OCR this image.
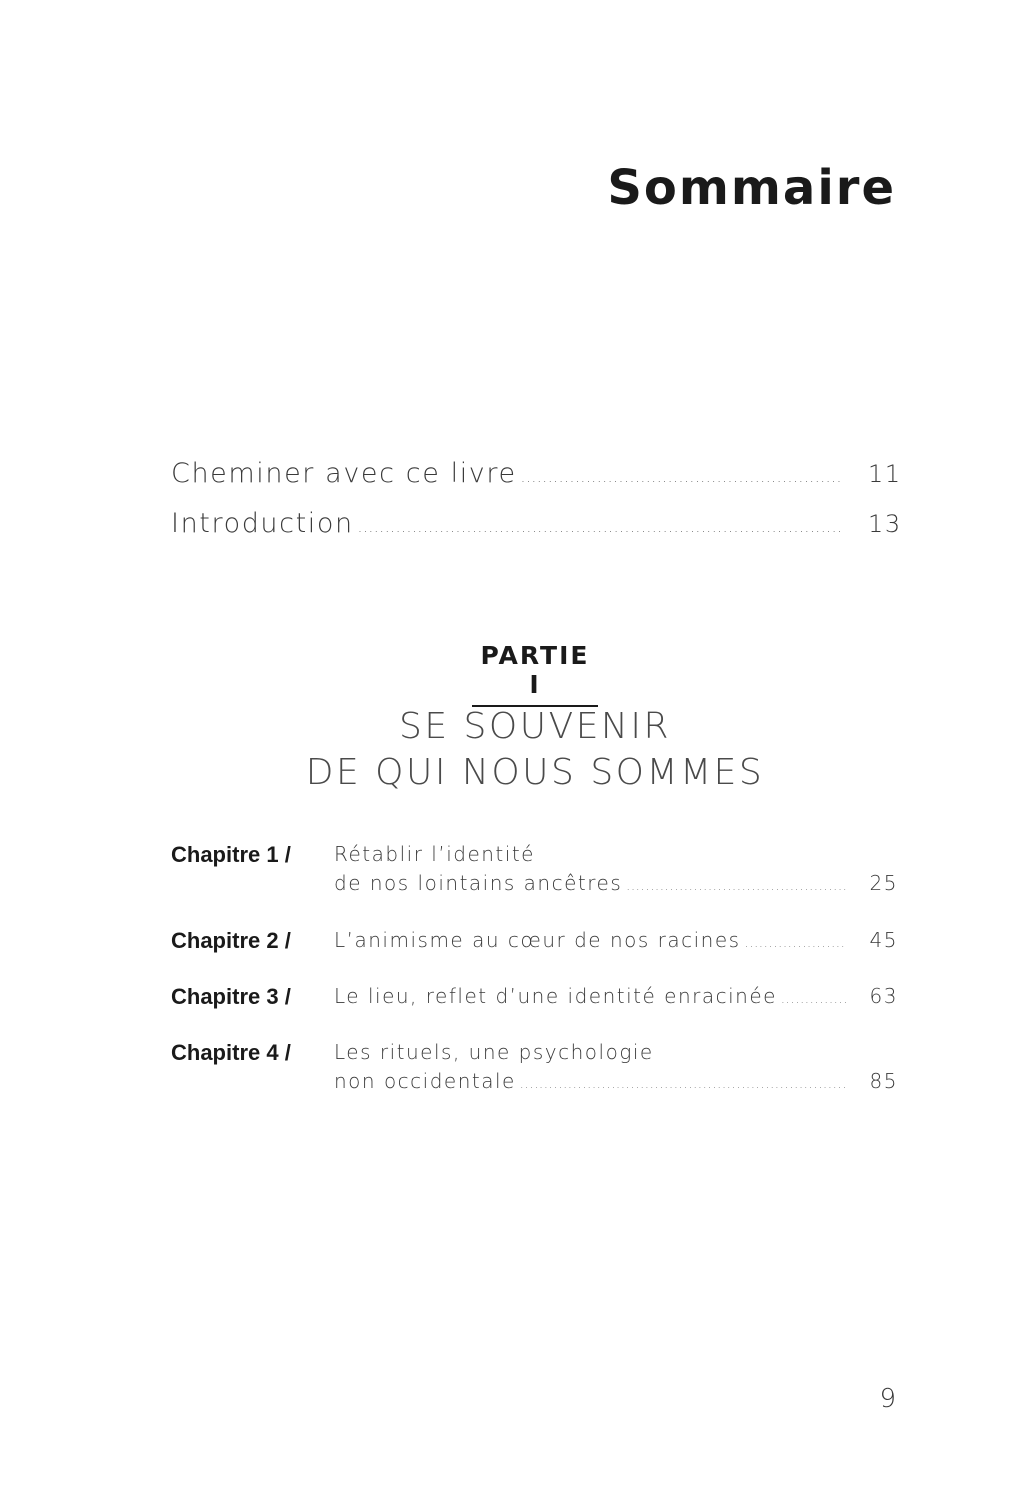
Sommaire
Cheminer avec ce livre .....	11
Introduction .....	13
PARTIE I
SE SOUVENIR
DE QUI NOUS SOMMES
Chapitre 1 / Rétablir l’identité
de nos lointains ancêtres .....	25
Chapitre 2 / L’animisme au cœur de nos racines .....	45
Chapitre 3 / Le lieu, reflet d’une identité enracinée .....	63
Chapitre 4 / Les rituels, une psychologie
non occidentale .....	85
9
